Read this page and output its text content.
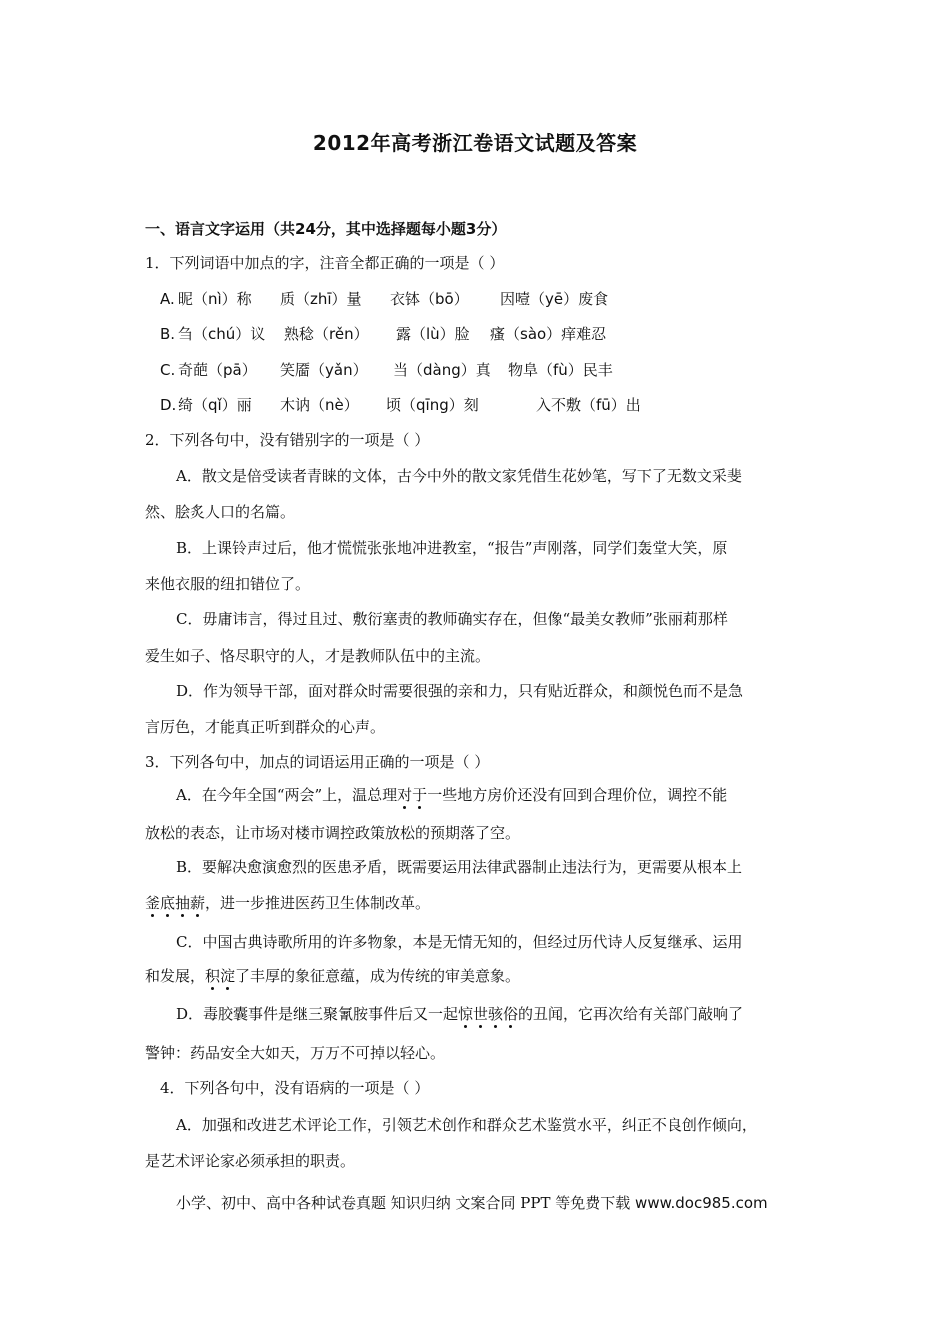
2012年高考浙江卷语文试题及答案
一、语言文字运用（共24分，其中选择题每小题3分）
1．下列词语中加点的字，注音全都正确的一项是（ ）
A. 昵（nì）称 质（zhī）量 衣钵（bō） 因噎（yē）废食
B. 刍（chú）议 熟稔（rěn） 露（lù）脸 瘙（sào）痒难忍
C. 奇葩（pā） 笑靥（yǎn） 当（dàng）真 物阜（fù）民丰
D. 绮（qǐ）丽 木讷（nè） 顷（qīng）刻	入不敷（fū）出
2．下列各句中，没有错别字的一项是（ ）
A．散文是倍受读者青睐的文体，古今中外的散文家凭借生花妙笔，写下了无数文采斐
然、脍炙人口的名篇。
B．上课铃声过后，他才慌慌张张地冲进教室，“报告”声刚落，同学们轰堂大笑，原
来他衣服的纽扣错位了。
C．毋庸讳言，得过且过、敷衍塞责的教师确实存在，但像“最美女教师”张丽莉那样
爱生如子、恪尽职守的人，才是教师队伍中的主流。
D．作为领导干部，面对群众时需要很强的亲和力，只有贴近群众，和颜悦色而不是急
言厉色，才能真正听到群众的心声。
3．下列各句中，加点的词语运用正确的一项是（ ）
A．在今年全国“两会”上，温总理对于
一些地方房价还没有回到合理价位，调控不能
放松的表态，让市场对楼市调控政策放松的预期落了空。
B．要解决愈演愈烈的医患矛盾，既需要运用法律武器制止违法行为，更需要从根本上
釜底抽薪
，进一步推进医药卫生体制改革。
C．中国古典诗歌所用的许多物象，本是无情无知的，但经过历代诗人反复继承、运用
和发展，积淀
了丰厚的象征意蕴，成为传统的审美意象。
D．毒胶囊事件是继三聚氰胺事件后又一起惊世骇俗
的丑闻，它再次给有关部门敲响了
警钟：药品安全大如天，万万不可掉以轻心。
4．下列各句中，没有语病的一项是（ ）
A．加强和改进艺术评论工作，引领艺术创作和群众艺术鉴赏水平，纠正不良创作倾向，
是艺术评论家必须承担的职责。
小学、初中、高中各种试卷真题 知识归纳 文案合同 PPT 等免费下载 www.doc985.com
